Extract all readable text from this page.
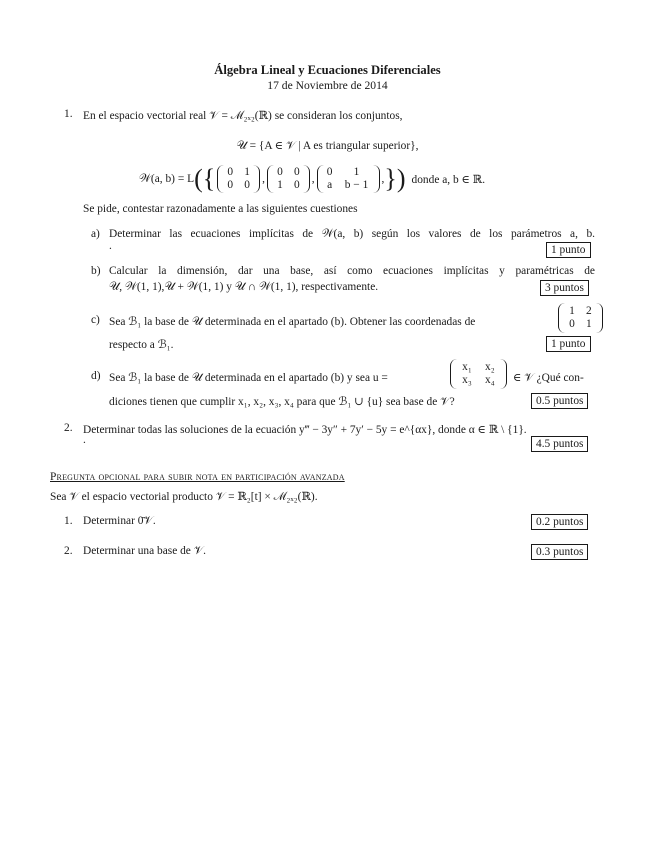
Álgebra Lineal y Ecuaciones Diferenciales
17 de Noviembre de 2014
1. En el espacio vectorial real 𝒱 = ℳ₂ₓ₂(ℝ) se consideran los conjuntos,
𝒰 = {A ∈ 𝒱 | A es triangular superior},
𝒲(a, b) = L ( {	0 1
0 0	,
0 0
1 0	,
0 1
a b − 1	, } ) donde a, b ∈ ℝ.
Se pide, contestar razonadamente a las siguientes cuestiones
a) Determinar las ecuaciones implícitas de 𝒲(a, b) según los valores de los parámetros a, b.
.	1 punto
b) Calcular la dimensión, dar una base, así como ecuaciones implícitas y paramétricas de
𝒰, 𝒲(1, 1),𝒰 + 𝒲(1, 1) y 𝒰 ∩ 𝒲(1, 1), respectivamente.	3 puntos
c) Sea ℬ₁ la base de 𝒰 determinada en el apartado (b). Obtener las coordenadas de
1 2
0 1
respecto a ℬ₁.	1 punto
d) Sea ℬ₁ la base de 𝒰 determinada en el apartado (b) y sea u =
x₁ x₂
x₃ x₄	∈ 𝒱 ¿Qué con-
diciones tienen que cumplir x₁, x₂, x₃, x₄ para que ℬ₁ ∪ {u} sea base de 𝒱?	0.5 puntos
2. Determinar todas las soluciones de la ecuación y‴ − 3y″ + 7y′ − 5y = e^{αx}, donde α ∈ ℝ \ {1}.
.	4.5 puntos
Pregunta opcional para subir nota en participación avanzada
Sea 𝒱 el espacio vectorial producto 𝒱 = ℝ₂[t] × ℳ₂ₓ₂(ℝ).
1. Determinar 0̄𝒱.	0.2 puntos
2. Determinar una base de 𝒱.	0.3 puntos
